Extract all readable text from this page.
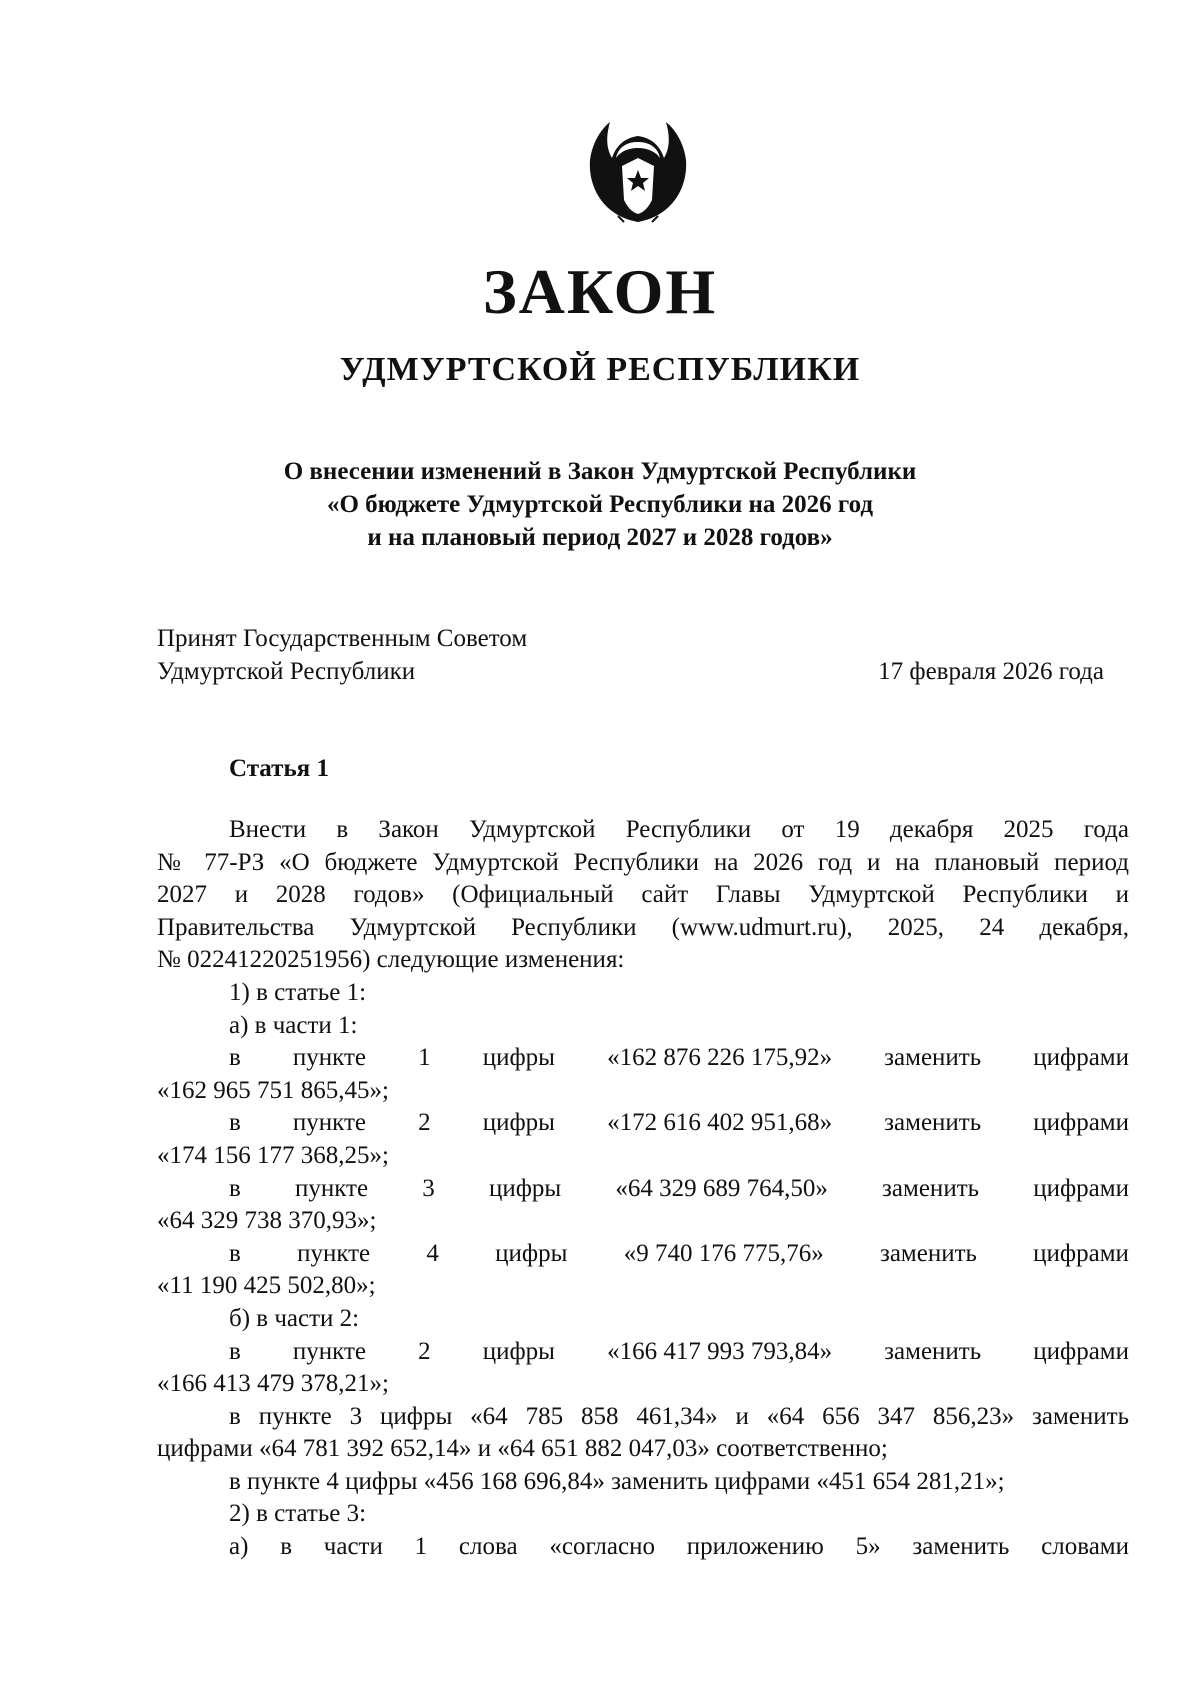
ЗАКОН
УДМУРТСКОЙ РЕСПУБЛИКИ
О внесении изменений в Закон Удмуртской Республики
«О бюджете Удмуртской Республики на 2026 год
и на плановый период 2027 и 2028 годов»
Принят Государственным Советом
Удмуртской Республики	17 февраля 2026 года
Статья 1
Внести в Закон Удмуртской Республики от 19 декабря 2025 года
№ 77-РЗ «О бюджете Удмуртской Республики на 2026 год и на плановый период
2027 и 2028 годов» (Официальный сайт Главы Удмуртской Республики и
Правительства Удмуртской Республики (www.udmurt.ru), 2025, 24 декабря,
№ 02241220251956) следующие изменения:
1) в статье 1:
а) в части 1:
в пункте 1 цифры «162 876 226 175,92» заменить цифрами
«162 965 751 865,45»;
в пункте 2 цифры «172 616 402 951,68» заменить цифрами
«174 156 177 368,25»;
в пункте 3 цифры «64 329 689 764,50» заменить цифрами
«64 329 738 370,93»;
в пункте 4 цифры «9 740 176 775,76» заменить цифрами
«11 190 425 502,80»;
б) в части 2:
в пункте 2 цифры «166 417 993 793,84» заменить цифрами
«166 413 479 378,21»;
в пункте 3 цифры «64 785 858 461,34» и «64 656 347 856,23» заменить
цифрами «64 781 392 652,14» и «64 651 882 047,03» соответственно;
в пункте 4 цифры «456 168 696,84» заменить цифрами «451 654 281,21»;
2) в статье 3:
а) в части 1 слова «согласно приложению 5» заменить словами
